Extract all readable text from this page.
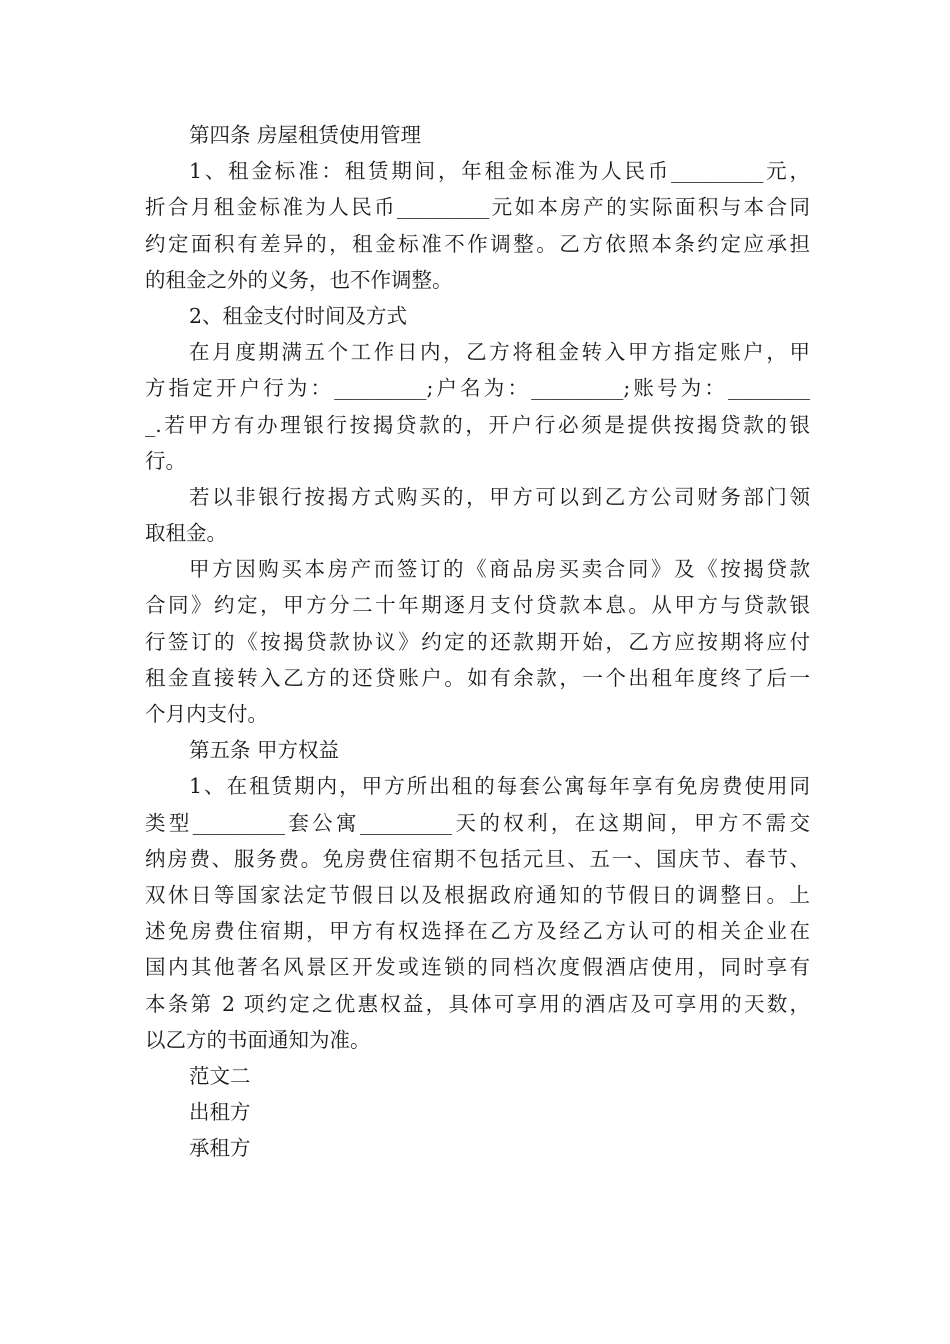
第四条 房屋租赁使用管理
1、租金标准：租赁期间，年租金标准为人民币_________元，
折合月租金标准为人民币_________元如本房产的实际面积与本合同
约定面积有差异的，租金标准不作调整。乙方依照本条约定应承担
的租金之外的义务，也不作调整。
2、租金支付时间及方式
在月度期满五个工作日内，乙方将租金转入甲方指定账户，甲
方指定开户行为：_________;户名为：_________;账号为：________
_.若甲方有办理银行按揭贷款的，开户行必须是提供按揭贷款的银
行。
若以非银行按揭方式购买的，甲方可以到乙方公司财务部门领
取租金。
甲方因购买本房产而签订的《商品房买卖合同》及《按揭贷款
合同》约定，甲方分二十年期逐月支付贷款本息。从甲方与贷款银
行签订的《按揭贷款协议》约定的还款期开始，乙方应按期将应付
租金直接转入乙方的还贷账户。如有余款，一个出租年度终了后一
个月内支付。
第五条 甲方权益
1、在租赁期内，甲方所出租的每套公寓每年享有免房费使用同
类型_________套公寓_________天的权利，在这期间，甲方不需交
纳房费、服务费。免房费住宿期不包括元旦、五一、国庆节、春节、
双休日等国家法定节假日以及根据政府通知的节假日的调整日。上
述免房费住宿期，甲方有权选择在乙方及经乙方认可的相关企业在
国内其他著名风景区开发或连锁的同档次度假酒店使用，同时享有
本条第 2 项约定之优惠权益，具体可享用的酒店及可享用的天数，
以乙方的书面通知为准。
范文二
出租方
承租方
